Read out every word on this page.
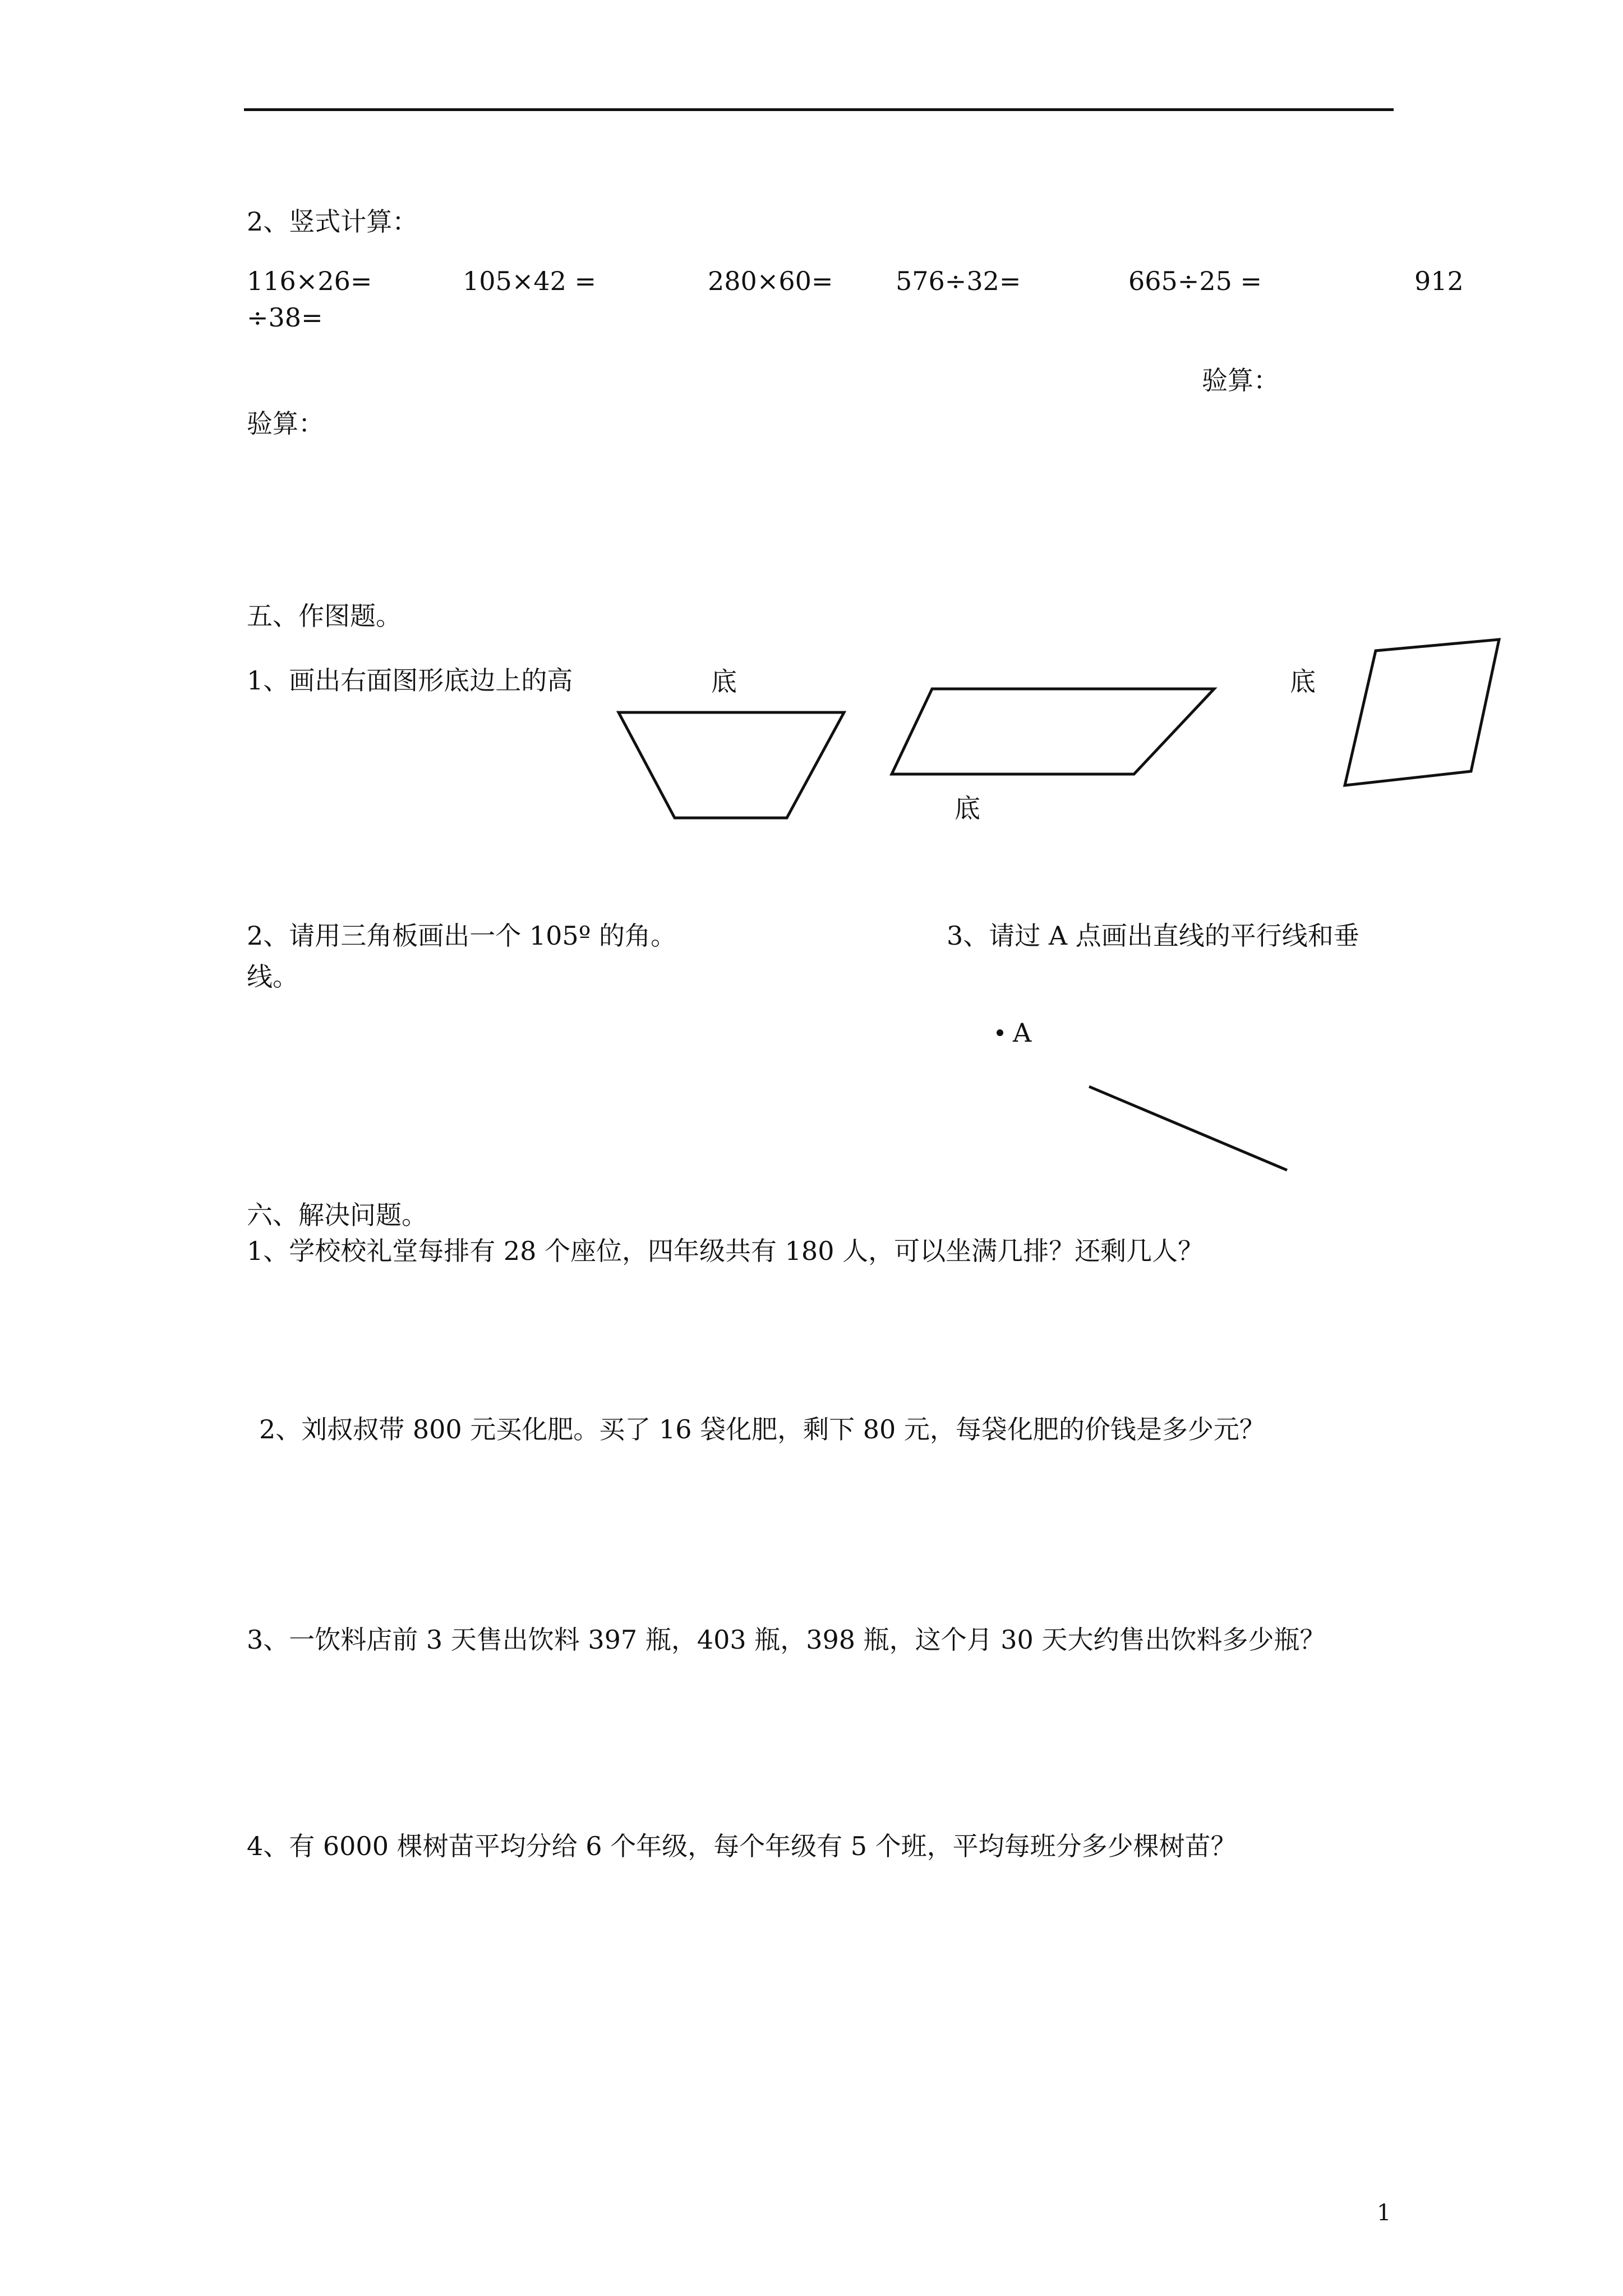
2、竖式计算：
116×26=	105×42 =	280×60= 576÷32=	665÷25 =	912
÷38=
验算：
验算：
五、作图题。
1、画出右面图形底边上的高	底	底
底
A
2、请用三角板画出一个 105º 的角。	3、请过 A 点画出直线的平行线和垂
线。
六、解决问题。
1、学校校礼堂每排有 28 个座位，四年级共有 180 人，可以坐满几排？还剩几人？
2、刘叔叔带 800 元买化肥。买了 16 袋化肥，剩下 80 元，每袋化肥的价钱是多少元？
3、一饮料店前 3 天售出饮料 397 瓶，403 瓶，398 瓶，这个月 30 天大约售出饮料多少瓶？
4、有 6000 棵树苗平均分给 6 个年级，每个年级有 5 个班，平均每班分多少棵树苗？
1
